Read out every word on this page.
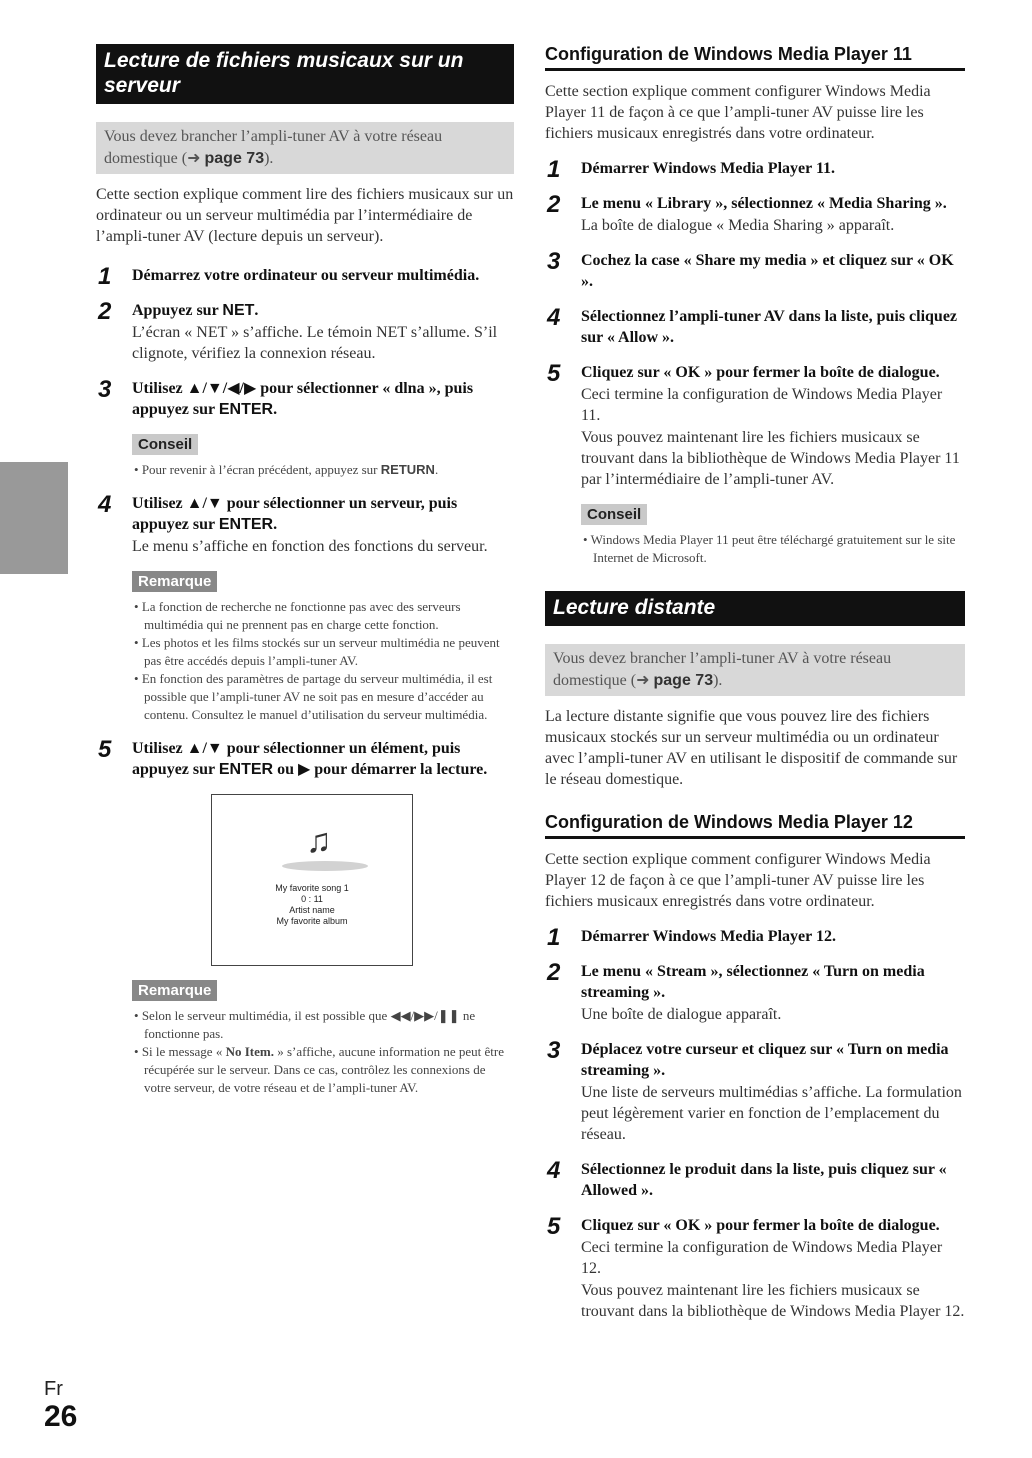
Lecture de fichiers musicaux sur un serveur
Vous devez brancher l’ampli-tuner AV à votre réseau domestique (➜ page 73).

Cette section explique comment lire des fichiers musicaux sur un ordinateur ou un serveur multimédia par l’intermédiaire de l’ampli-tuner AV (lecture depuis un serveur).

1 Démarrez votre ordinateur ou serveur multimédia.
2 Appuyez sur NET.
L’écran « NET » s’affiche. Le témoin NET s’allume. S’il clignote, vérifiez la connexion réseau.
3 Utilisez ▲/▼/◀/▶ pour sélectionner « dlna », puis appuyez sur ENTER.
Conseil
• Pour revenir à l’écran précédent, appuyez sur RETURN.
4 Utilisez ▲/▼ pour sélectionner un serveur, puis appuyez sur ENTER.
Le menu s’affiche en fonction des fonctions du serveur.
Remarque
• La fonction de recherche ne fonctionne pas avec des serveurs multimédia qui ne prennent pas en charge cette fonction.
• Les photos et les films stockés sur un serveur multimédia ne peuvent pas être accédés depuis l’ampli-tuner AV.
• En fonction des paramètres de partage du serveur multimédia, il est possible que l’ampli-tuner AV ne soit pas en mesure d’accéder au contenu. Consultez le manuel d’utilisation du serveur multimédia.
5 Utilisez ▲/▼ pour sélectionner un élément, puis appuyez sur ENTER ou ▶ pour démarrer la lecture.
♫
My favorite song 1
0 : 11
Artist name
My favorite album
Remarque
• Selon le serveur multimédia, il est possible que ◀◀/▶▶/❚❚ ne fonctionne pas.
• Si le message « No Item. » s’affiche, aucune information ne peut être récupérée sur le serveur. Dans ce cas, contrôlez les connexions de votre serveur, de votre réseau et de l’ampli-tuner AV.
Configuration de Windows Media Player 11

Cette section explique comment configurer Windows Media Player 11 de façon à ce que l’ampli-tuner AV puisse lire les fichiers musicaux enregistrés dans votre ordinateur.

1 Démarrer Windows Media Player 11.
2 Le menu « Library », sélectionnez « Media Sharing ».
La boîte de dialogue « Media Sharing » apparaît.
3 Cochez la case « Share my media » et cliquez sur « OK ».
4 Sélectionnez l’ampli-tuner AV dans la liste, puis cliquez sur « Allow ».
5 Cliquez sur « OK » pour fermer la boîte de dialogue.
Ceci termine la configuration de Windows Media Player 11.
Vous pouvez maintenant lire les fichiers musicaux se trouvant dans la bibliothèque de Windows Media Player 11 par l’intermédiaire de l’ampli-tuner AV.
Conseil
• Windows Media Player 11 peut être téléchargé gratuitement sur le site Internet de Microsoft.
Lecture distante
Vous devez brancher l’ampli-tuner AV à votre réseau domestique (➜ page 73).

La lecture distante signifie que vous pouvez lire des fichiers musicaux stockés sur un serveur multimédia ou un ordinateur avec l’ampli-tuner AV en utilisant le dispositif de commande sur le réseau domestique.

Configuration de Windows Media Player 12

Cette section explique comment configurer Windows Media Player 12 de façon à ce que l’ampli-tuner AV puisse lire les fichiers musicaux enregistrés dans votre ordinateur.

1 Démarrer Windows Media Player 12.
2 Le menu « Stream », sélectionnez « Turn on media streaming ».
Une boîte de dialogue apparaît.
3 Déplacez votre curseur et cliquez sur « Turn on media streaming ».
Une liste de serveurs multimédias s’affiche. La formulation peut légèrement varier en fonction de l’emplacement du réseau.
4 Sélectionnez le produit dans la liste, puis cliquez sur « Allowed ».
5 Cliquez sur « OK » pour fermer la boîte de dialogue.
Ceci termine la configuration de Windows Media Player 12.
Vous pouvez maintenant lire les fichiers musicaux se trouvant dans la bibliothèque de Windows Media Player 12.
Fr
26
